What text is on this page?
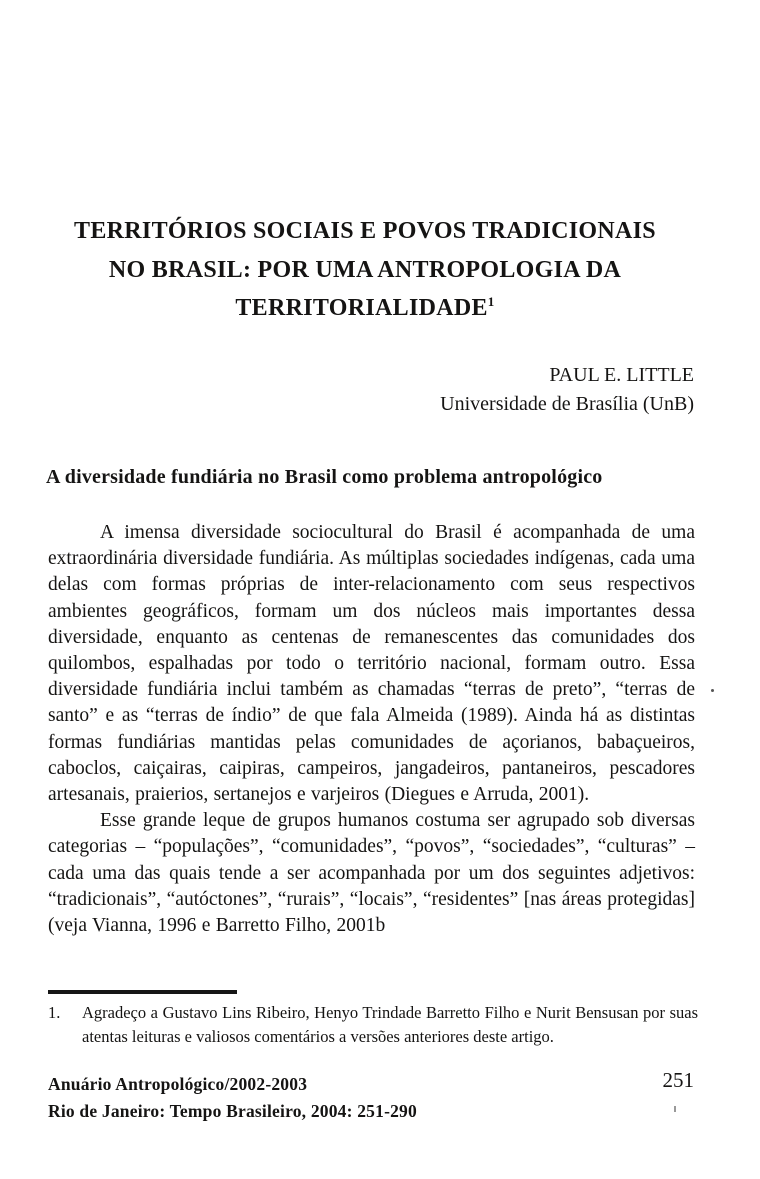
TERRITÓRIOS SOCIAIS E POVOS TRADICIONAIS
NO BRASIL: POR UMA ANTROPOLOGIA DA
TERRITORIALIDADE$^1$
PAUL E. LITTLE
Universidade de Brasília (UnB)
A diversidade fundiária no Brasil como problema antropológico

A imensa diversidade sociocultural do Brasil é acompanhada de uma extraordinária diversidade fundiária. As múltiplas sociedades indígenas, cada uma delas com formas próprias de inter-relacionamento com seus respectivos ambientes geográficos, formam um dos núcleos mais importantes dessa diversidade, enquanto as centenas de remanescentes das comunidades dos quilombos, espalhadas por todo o território nacional, formam outro. Essa diversidade fundiária inclui também as chamadas “terras de preto”, “terras de santo” e as “terras de índio” de que fala Almeida (1989). Ainda há as distintas formas fundiárias mantidas pelas comunidades de açorianos, babaçueiros, caboclos, caiçairas, caipiras, campeiros, jangadeiros, pantaneiros, pescadores artesanais, praierios, sertanejos e varjeiros (Diegues e Arruda, 2001).

Esse grande leque de grupos humanos costuma ser agrupado sob diversas categorias – “populações”, “comunidades”, “povos”, “sociedades”, “culturas” – cada uma das quais tende a ser acompanhada por um dos seguintes adjetivos: “tradicionais”, “autóctones”, “rurais”, “locais”, “residentes” [nas áreas protegidas] (veja Vianna, 1996 e Barretto Filho, 2001b

1.	Agradeço a Gustavo Lins Ribeiro, Henyo Trindade Barretto Filho e Nurit Bensusan por suas atentas leituras e valiosos comentários a versões anteriores deste artigo.
Anuário Antropológico/2002-2003
Rio de Janeiro: Tempo Brasileiro, 2004: 251-290
251
